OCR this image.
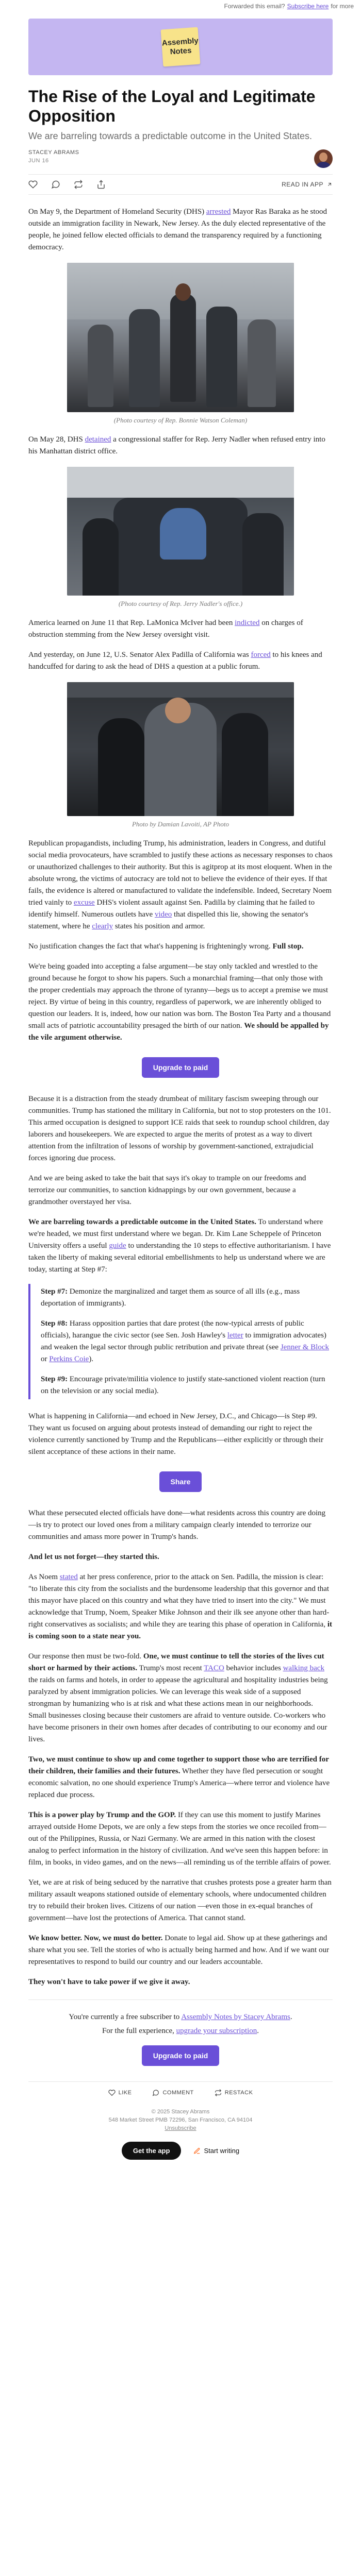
Forwarded this email? Subscribe here for more
Assembly
Notes
The Rise of the Loyal and Legitimate Opposition
We are barreling towards a predictable outcome in the United States.
STACEY ABRAMS
JUN 16
READ IN APP

On May 9, the Department of Homeland Security (DHS) arrested Mayor Ras Baraka as he stood outside an immigration facility in Newark, New Jersey. As the duly elected representative of the people, he joined fellow elected officials to demand the transparency required by a functioning democracy.

(Photo courtesy of Rep. Bonnie Watson Coleman)

On May 28, DHS detained a congressional staffer for Rep. Jerry Nadler when refused entry into his Manhattan district office.

(Photo courtesy of Rep. Jerry Nadler's office.)

America learned on June 11 that Rep. LaMonica McIver had been indicted on charges of obstruction stemming from the New Jersey oversight visit.

And yesterday, on June 12, U.S. Senator Alex Padilla of California was forced to his knees and handcuffed for daring to ask the head of DHS a question at a public forum.

Photo by Damian Lavoiti, AP Photo

Republican propagandists, including Trump, his administration, leaders in Congress, and dutiful social media provocateurs, have scrambled to justify these actions as necessary responses to chaos or unauthorized challenges to their authority. But this is agitprop at its most eloquent. When in the absolute wrong, the victims of autocracy are told not to believe the evidence of their eyes. If that fails, the evidence is altered or manufactured to validate the indefensible. Indeed, Secretary Noem tried vainly to excuse DHS's violent assault against Sen. Padilla by claiming that he failed to identify himself. Numerous outlets have video that dispelled this lie, showing the senator's statement, where he clearly states his position and armor.

No justification changes the fact that what's happening is frighteningly wrong. Full stop.

We're being goaded into accepting a false argument—be stay only tackled and wrestled to the ground because he forgot to show his papers. Such a monarchial framing—that only those with the proper credentials may approach the throne of tyranny—begs us to accept a premise we must reject. By virtue of being in this country, regardless of paperwork, we are inherently obliged to question our leaders. It is, indeed, how our nation was born. The Boston Tea Party and a thousand small acts of patriotic accountability presaged the birth of our nation. We should be appalled by the vile argument otherwise.

Upgrade to paid

Because it is a distraction from the steady drumbeat of military fascism sweeping through our communities. Trump has stationed the military in California, but not to stop protesters on the 101. This armed occupation is designed to support ICE raids that seek to roundup school children, day laborers and housekeepers. We are expected to argue the merits of protest as a way to divert attention from the infiltration of lessons of worship by government-sanctioned, extrajudicial forces ignoring due process.

And we are being asked to take the bait that says it's okay to trample on our freedoms and terrorize our communities, to sanction kidnappings by our own government, because a grandmother overstayed her visa.

We are barreling towards a predictable outcome in the United States. To understand where we're headed, we must first understand where we began. Dr. Kim Lane Scheppele of Princeton University offers a useful guide to understanding the 10 steps to effective authoritarianism. I have taken the liberty of making several editorial embellishments to help us understand where we are today, starting at Step #7:

Step #7: Demonize the marginalized and target them as source of all ills (e.g., mass deportation of immigrants).

Step #8: Harass opposition parties that dare protest (the now-typical arrests of public officials), harangue the civic sector (see Sen. Josh Hawley's letter to immigration advocates) and weaken the legal sector through public retribution and private threat (see Jenner & Block or Perkins Coie).

Step #9: Encourage private/militia violence to justify state-sanctioned violent reaction (turn on the television or any social media).

What is happening in California—and echoed in New Jersey, D.C., and Chicago—is Step #9. They want us focused on arguing about protests instead of demanding our right to reject the violence currently sanctioned by Trump and the Republicans—either explicitly or through their silent acceptance of these actions in their name.

Share

What these persecuted elected officials have done—what residents across this country are doing—is try to protect our loved ones from a military campaign clearly intended to terrorize our communities and amass more power in Trump's hands.

And let us not forget—they started this.

As Noem stated at her press conference, prior to the attack on Sen. Padilla, the mission is clear: "to liberate this city from the socialists and the burdensome leadership that this governor and that this mayor have placed on this country and what they have tried to insert into the city." We must acknowledge that Trump, Noem, Speaker Mike Johnson and their ilk see anyone other than hard-right conservatives as socialists; and while they are tearing this phase of operation in California, it is coming soon to a state near you.

Our response then must be two-fold. One, we must continue to tell the stories of the lives cut short or harmed by their actions. Trump's most recent TACO behavior includes walking back the raids on farms and hotels, in order to appease the agricultural and hospitality industries being paralyzed by absent immigration policies. We can leverage this weak side of a supposed strongman by humanizing who is at risk and what these actions mean in our neighborhoods. Small businesses closing because their customers are afraid to venture outside. Co-workers who have become prisoners in their own homes after decades of contributing to our economy and our lives.

Two, we must continue to show up and come together to support those who are terrified for their children, their families and their futures. Whether they have fled persecution or sought economic salvation, no one should experience Trump's America—where terror and violence have replaced due process.

This is a power play by Trump and the GOP. If they can use this moment to justify Marines arrayed outside Home Depots, we are only a few steps from the stories we once recoiled from—out of the Philippines, Russia, or Nazi Germany. We are armed in this nation with the closest analog to perfect information in the history of civilization. And we've seen this happen before: in film, in books, in video games, and on the news—all reminding us of the terrible affairs of power.

Yet, we are at risk of being seduced by the narrative that crushes protests pose a greater harm than military assault weapons stationed outside of elementary schools, where undocumented children try to rebuild their broken lives. Citizens of our nation —even those in ex-equal branches of government—have lost the protections of America. That cannot stand.

We know better. Now, we must do better. Donate to legal aid. Show up at these gatherings and share what you see. Tell the stories of who is actually being harmed and how. And if we want our representatives to respond to build our country and our leaders accountable.

They won't have to take power if we give it away.

You're currently a free subscriber to Assembly Notes by Stacey Abrams.

For the full experience, upgrade your subscription.

Upgrade to paid
LIKE	COMMENT	RESTACK
© 2025 Stacey Abrams
548 Market Street PMB 72296, San Francisco, CA 94104
Unsubscribe
Get the app	Start writing
